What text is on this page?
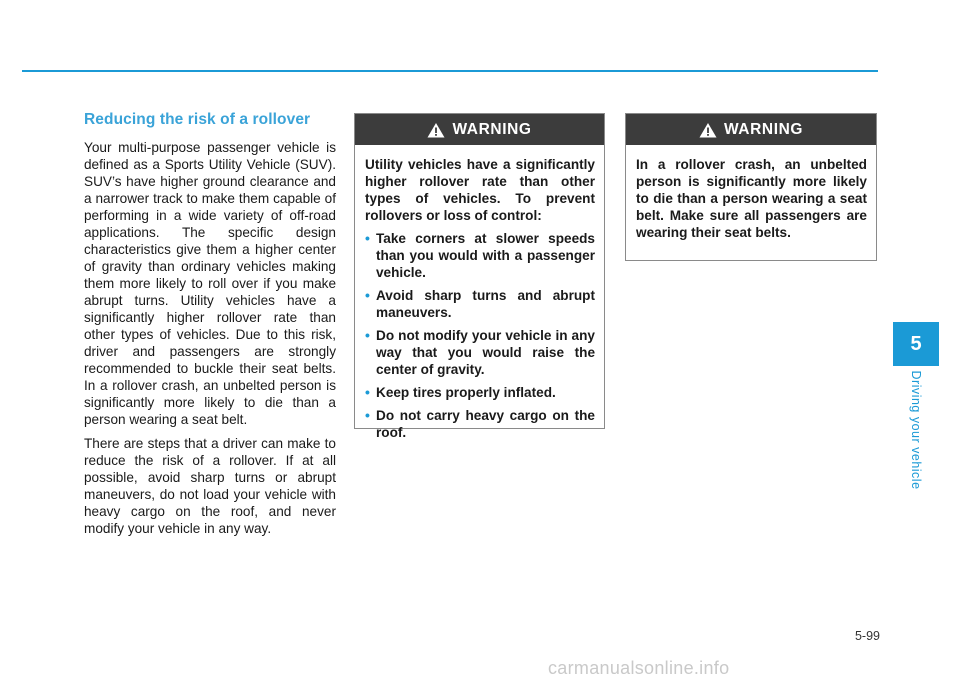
Reducing the risk of a rollover

Your multi-purpose passenger vehicle is defined as a Sports Utility Vehicle (SUV). SUV’s have higher ground clearance and a narrower track to make them capable of performing in a wide variety of off-road applications. The specific design characteristics give them a higher center of gravity than ordinary vehicles making them more likely to roll over if you make abrupt turns. Utility vehicles have a significantly higher rollover rate than other types of vehicles. Due to this risk, driver and passengers are strongly recommended to buckle their seat belts. In a rollover crash, an unbelted person is significantly more likely to die than a person wearing a seat belt.

There are steps that a driver can make to reduce the risk of a rollover. If at all possible, avoid sharp turns or abrupt maneuvers, do not load your vehicle with heavy cargo on the roof, and never modify your vehicle in any way.

WARNING

Utility vehicles have a significantly higher rollover rate than other types of vehicles. To prevent rollovers or loss of control:

• Take corners at slower speeds than you would with a passenger vehicle.
• Avoid sharp turns and abrupt maneuvers.
• Do not modify your vehicle in any way that you would raise the center of gravity.
• Keep tires properly inflated.
• Do not carry heavy cargo on the roof.
WARNING

In a rollover crash, an unbelted person is significantly more likely to die than a person wearing a seat belt. Make sure all passengers are wearing their seat belts.

5
Driving your vehicle
5-99
carmanualsonline.info
